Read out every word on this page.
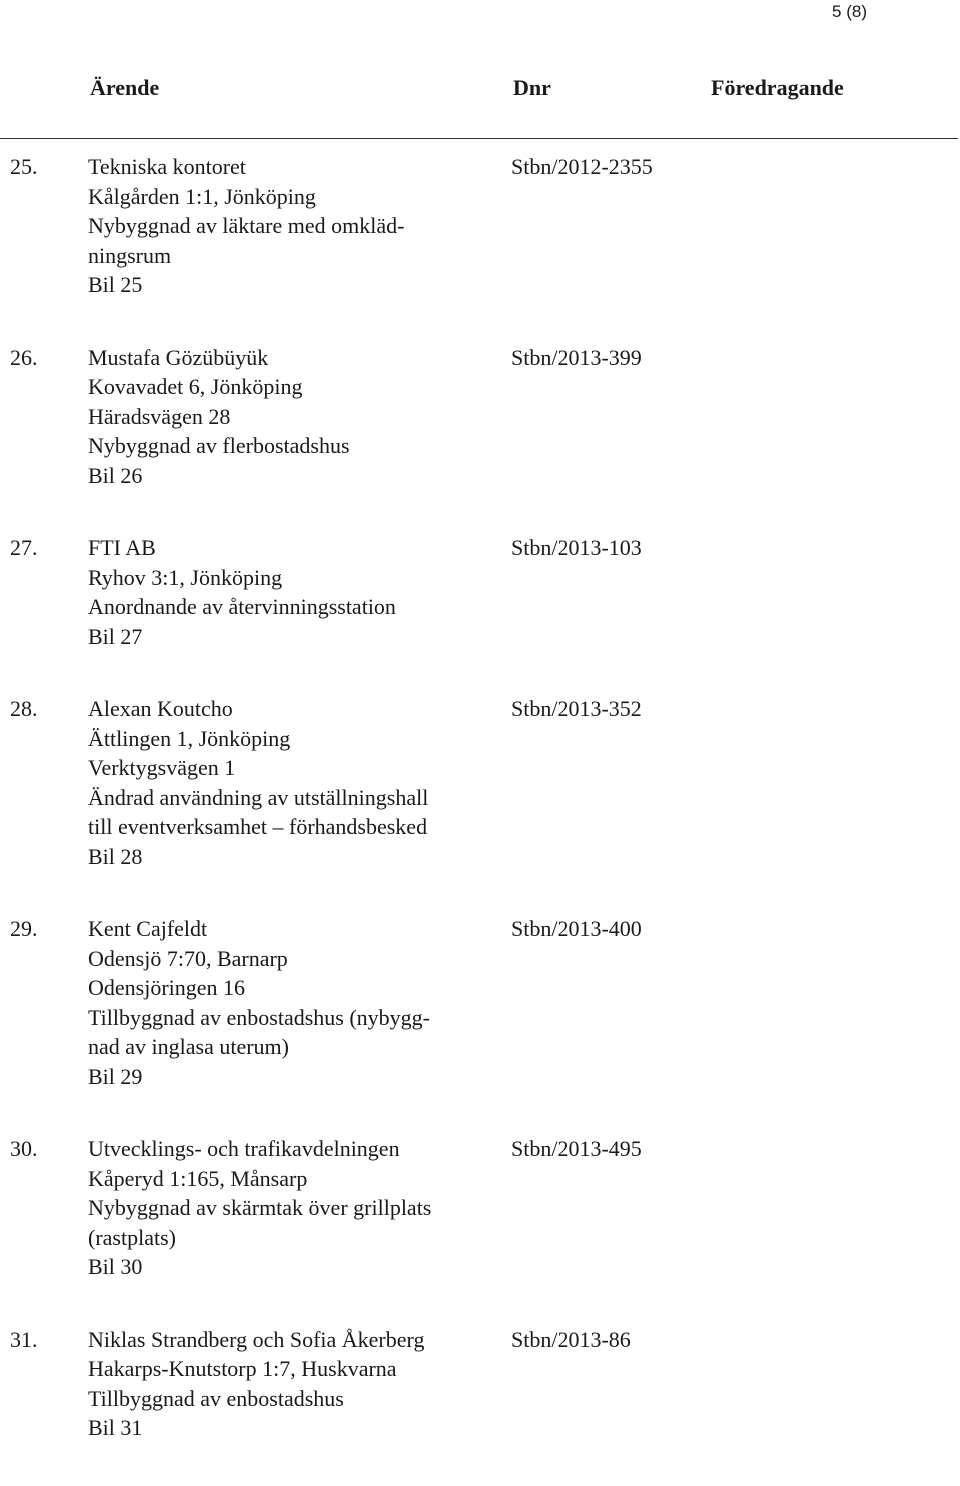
5 (8)
Ärende	Dnr	Föredragande
25. Tekniska kontoret
Kålgården 1:1, Jönköping
Nybyggnad av läktare med omkläd-
ningsrum
Bil 25
Stbn/2012-2355
26. Mustafa Gözübüyük
Kovavadet 6, Jönköping
Häradsvägen 28
Nybyggnad av flerbostadshus
Bil 26
Stbn/2013-399
27. FTI AB
Ryhov 3:1, Jönköping
Anordnande av återvinningsstation
Bil 27
Stbn/2013-103
28. Alexan Koutcho
Ättlingen 1, Jönköping
Verktygsvägen 1
Ändrad användning av utställningshall
till eventverksamhet – förhandsbesked
Bil 28
Stbn/2013-352
29. Kent Cajfeldt
Odensjö 7:70, Barnarp
Odensjöringen 16
Tillbyggnad av enbostadshus (nybygg-
nad av inglasa uterum)
Bil 29
Stbn/2013-400
30. Utvecklings- och trafikavdelningen
Kåperyd 1:165, Månsarp
Nybyggnad av skärmtak över grillplats
(rastplats)
Bil 30
Stbn/2013-495
31. Niklas Strandberg och Sofia Åkerberg
Hakarps-Knutstorp 1:7, Huskvarna
Tillbyggnad av enbostadshus
Bil 31
Stbn/2013-86
